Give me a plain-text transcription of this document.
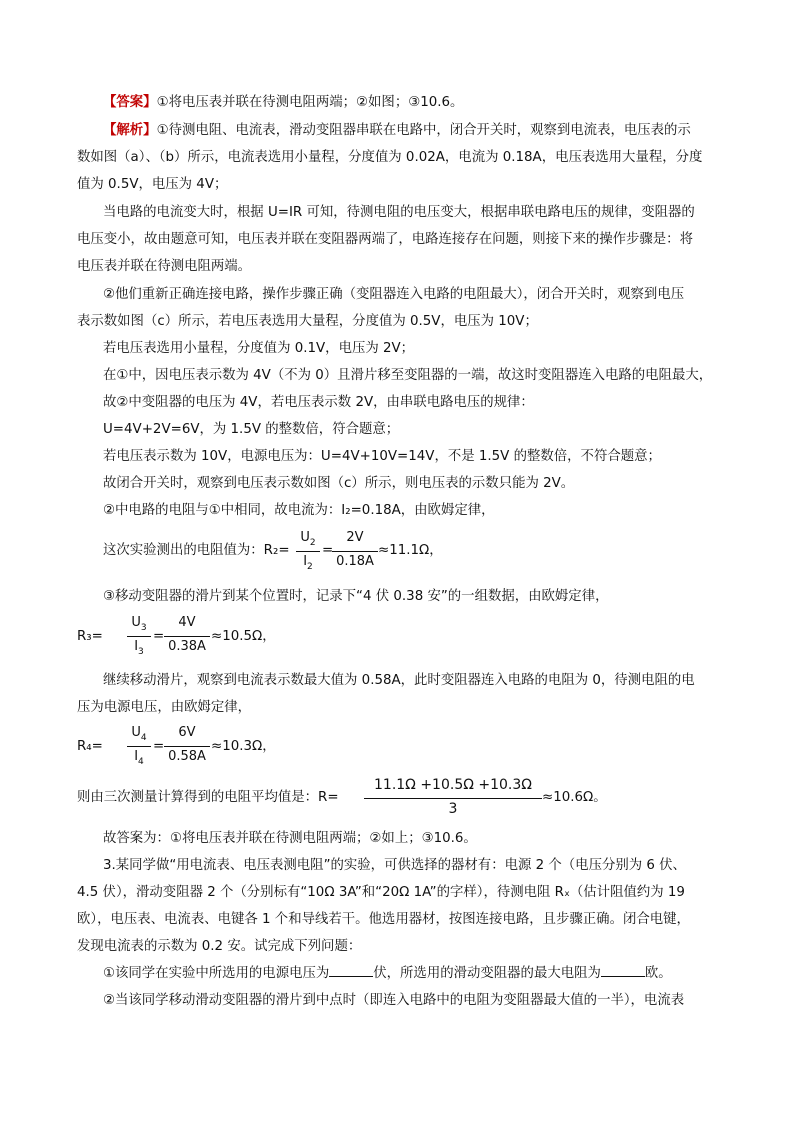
【答案】①将电压表并联在待测电阻两端；②如图；③10.6。
【解析】①待测电阻、电流表，滑动变阻器串联在电路中，闭合开关时，观察到电流表，电压表的示
数如图（a）、（b）所示，电流表选用小量程，分度值为 0.02A，电流为 0.18A，电压表选用大量程，分度
值为 0.5V，电压为 4V；
当电路的电流变大时，根据 U=IR 可知，待测电阻的电压变大，根据串联电路电压的规律，变阻器的
电压变小，故由题意可知，电压表并联在变阻器两端了，电路连接存在问题，则接下来的操作步骤是：将
电压表并联在待测电阻两端。
②他们重新正确连接电路，操作步骤正确（变阻器连入电路的电阻最大），闭合开关时，观察到电压
表示数如图（c）所示，若电压表选用大量程，分度值为 0.5V，电压为 10V；
若电压表选用小量程，分度值为 0.1V，电压为 2V；
在①中，因电压表示数为 4V（不为 0）且滑片移至变阻器的一端，故这时变阻器连入电路的电阻最大，
故②中变阻器的电压为 4V，若电压表示数 2V，由串联电路电压的规律：
U=4V+2V=6V，为 1.5V 的整数倍，符合题意；
若电压表示数为 10V，电源电压为：U=4V+10V=14V，不是 1.5V 的整数倍，不符合题意；
故闭合开关时，观察到电压表示数如图（c）所示，则电压表的示数只能为 2V。
②中电路的电阻与①中相同，故电流为：I₂=0.18A，由欧姆定律，
这次实验测出的电阻值为：R₂=
$U_2$
$I_2$
=
2V
0.18A
≈11.1Ω，
③移动变阻器的滑片到某个位置时，记录下“4 伏 0.38 安”的一组数据，由欧姆定律，
R₃=
$U_3$
$I_3$
=
4V
0.38A
≈10.5Ω，
继续移动滑片，观察到电流表示数最大值为 0.58A，此时变阻器连入电路的电阻为 0，待测电阻的电
压为电源电压，由欧姆定律，
R₄=
$U_4$
$I_4$
=
6V
0.58A
≈10.3Ω，
则由三次测量计算得到的电阻平均值是：R=
11.1Ω +10.5Ω +10.3Ω
3
≈10.6Ω。
故答案为：①将电压表并联在待测电阻两端；②如上；③10.6。
3.某同学做“用电流表、电压表测电阻”的实验，可供选择的器材有：电源 2 个（电压分别为 6 伏、
4.5 伏），滑动变阻器 2 个（分别标有“10Ω 3A”和“20Ω 1A”的字样），待测电阻 Rₓ（估计阻值约为 19
欧），电压表、电流表、电键各 1 个和导线若干。他选用器材，按图连接电路，且步骤正确。闭合电键，
发现电流表的示数为 0.2 安。试完成下列问题：
①该同学在实验中所选用的电源电压为	伏，所选用的滑动变阻器的最大电阻为	欧。
②当该同学移动滑动变阻器的滑片到中点时（即连入电路中的电阻为变阻器最大值的一半），电流表
